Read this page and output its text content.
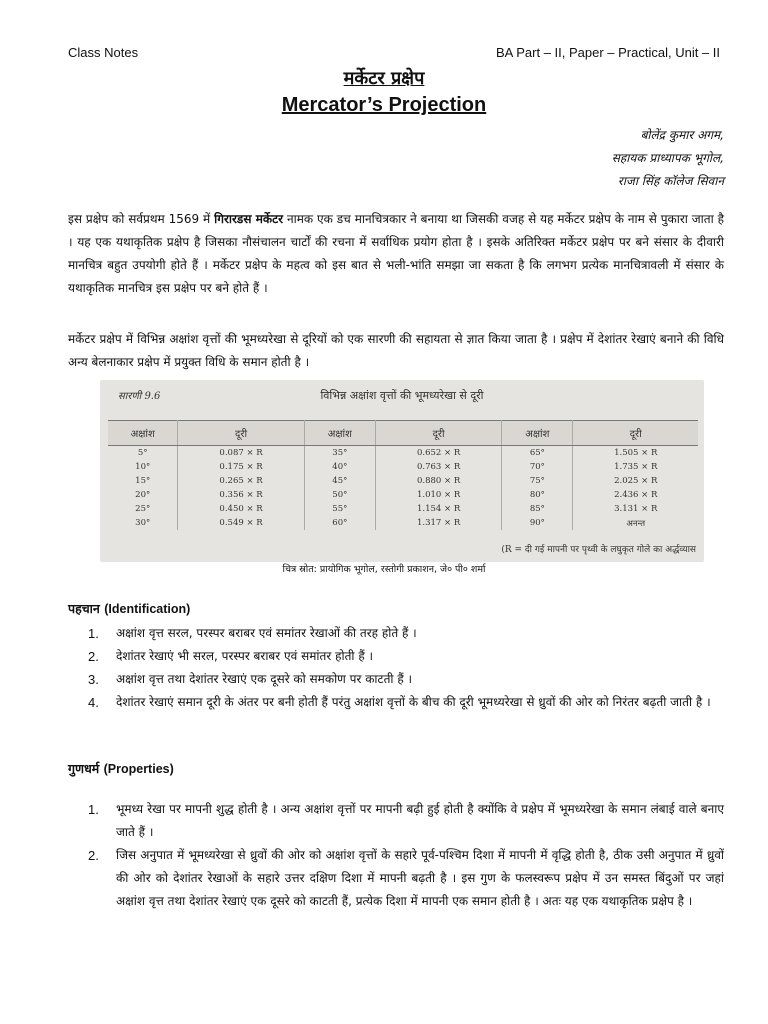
Class Notes	BA Part – II, Paper – Practical, Unit – II
मर्केटर प्रक्षेप
Mercator’s Projection
बोलेंद्र कुमार अगम,
सहायक प्राध्यापक भूगोल,
राजा सिंह कॉलेज सिवान
इस प्रक्षेप को सर्वप्रथम 1569 में गिरारडस मर्केटर नामक एक डच मानचित्रकार ने बनाया था जिसकी वजह से यह मर्केटर प्रक्षेप के नाम से पुकारा जाता है । यह एक यथाकृतिक प्रक्षेप है जिसका नौसंचालन चार्टों की रचना में सर्वाधिक प्रयोग होता है । इसके अतिरिक्त मर्केटर प्रक्षेप पर बने संसार के दीवारी मानचित्र बहुत उपयोगी होते हैं । मर्केटर प्रक्षेप के महत्व को इस बात से भली-भांति समझा जा सकता है कि लगभग प्रत्येक मानचित्रावली में संसार के यथाकृतिक मानचित्र इस प्रक्षेप पर बने होते हैं ।
मर्केटर प्रक्षेप में विभिन्न अक्षांश वृत्तों की भूमध्यरेखा से दूरियों को एक सारणी की सहायता से ज्ञात किया जाता है । प्रक्षेप में देशांतर रेखाएं बनाने की विधि अन्य बेलनाकार प्रक्षेप में प्रयुक्त विधि के समान होती है ।
सारणी 9.6	विभिन्न अक्षांश वृत्तों की भूमध्यरेखा से दूरी
अक्षांश	दूरी	अक्षांश	दूरी	अक्षांश	दूरी
5°	0.087 × R	35°	0.652 × R	65°	1.505 × R
10°	0.175 × R	40°	0.763 × R	70°	1.735 × R
15°	0.265 × R	45°	0.880 × R	75°	2.025 × R
20°	0.356 × R	50°	1.010 × R	80°	2.436 × R
25°	0.450 × R	55°	1.154 × R	85°	3.131 × R
30°	0.549 × R	60°	1.317 × R	90°	अनन्त
(R = दी गई मापनी पर पृथ्वी के लघुकृत गोले का अर्द्धव्यास
चित्र स्रोत: प्रायोगिक भूगोल, रस्तोगी प्रकाशन, जे० पी० शर्मा
पहचान (Identification)
1. अक्षांश वृत्त सरल, परस्पर बराबर एवं समांतर रेखाओं की तरह होते हैं ।
2. देशांतर रेखाएं भी सरल, परस्पर बराबर एवं समांतर होती हैं ।
3. अक्षांश वृत्त तथा देशांतर रेखाएं एक दूसरे को समकोण पर काटती हैं ।
4. देशांतर रेखाएं समान दूरी के अंतर पर बनी होती हैं परंतु अक्षांश वृत्तों के बीच की दूरी भूमध्यरेखा से ध्रुवों की ओर को निरंतर बढ़ती जाती है ।
गुणधर्म (Properties)
1. भूमध्य रेखा पर मापनी शुद्ध होती है । अन्य अक्षांश वृत्तों पर मापनी बढ़ी हुई होती है क्योंकि वे प्रक्षेप में भूमध्यरेखा के समान लंबाई वाले बनाए जाते हैं ।
2. जिस अनुपात में भूमध्यरेखा से ध्रुवों की ओर को अक्षांश वृत्तों के सहारे पूर्व-पश्चिम दिशा में मापनी में वृद्धि होती है, ठीक उसी अनुपात में ध्रुवों की ओर को देशांतर रेखाओं के सहारे उत्तर दक्षिण दिशा में मापनी बढ़ती है । इस गुण के फलस्वरूप प्रक्षेप में उन समस्त बिंदुओं पर जहां अक्षांश वृत्त तथा देशांतर रेखाएं एक दूसरे को काटती हैं, प्रत्येक दिशा में मापनी एक समान होती है । अतः यह एक यथाकृतिक प्रक्षेप है ।
